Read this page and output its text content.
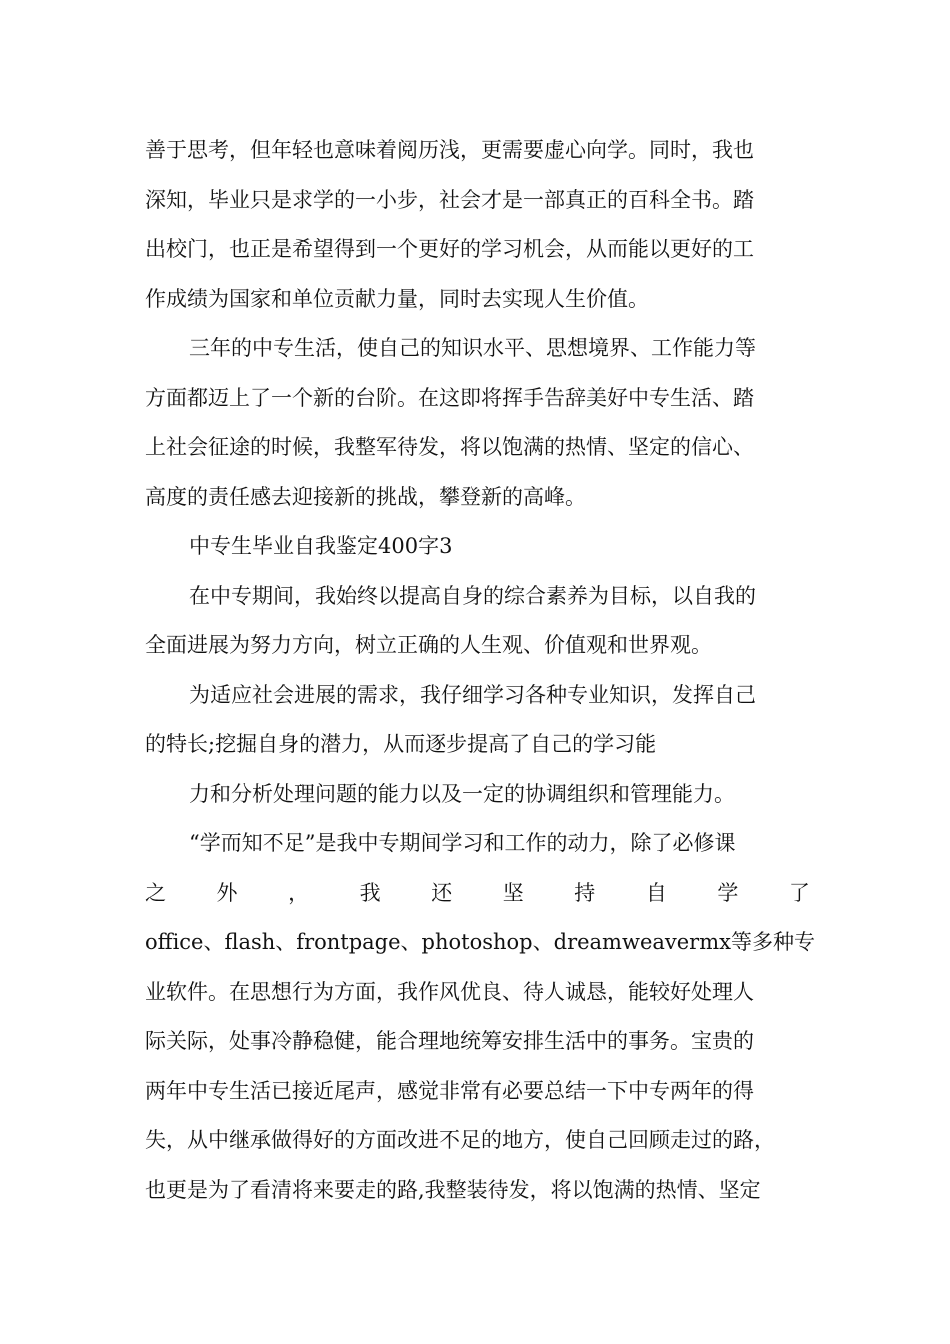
善于思考，但年轻也意味着阅历浅，更需要虚心向学。同时，我也
深知，毕业只是求学的一小步，社会才是一部真正的百科全书。踏
出校门，也正是希望得到一个更好的学习机会，从而能以更好的工
作成绩为国家和单位贡献力量，同时去实现人生价值。
三年的中专生活，使自己的知识水平、思想境界、工作能力等
方面都迈上了一个新的台阶。在这即将挥手告辞美好中专生活、踏
上社会征途的时候，我整军待发，将以饱满的热情、坚定的信心、
高度的责任感去迎接新的挑战，攀登新的高峰。
中专生毕业自我鉴定400字3
在中专期间，我始终以提高自身的综合素养为目标，以自我的
全面进展为努力方向，树立正确的人生观、价值观和世界观。
为适应社会进展的需求，我仔细学习各种专业知识，发挥自己
的特长;挖掘自身的潜力，从而逐步提高了自己的学习能
力和分析处理问题的能力以及一定的协调组织和管理能力。
“学而知不足”是我中专期间学习和工作的动力，除了必修课
之 外 ， 我 还 坚 持 自 学 了
office、flash、frontpage、photoshop、dreamweavermx等多种专
业软件。在思想行为方面，我作风优良、待人诚恳，能较好处理人
际关际，处事冷静稳健，能合理地统筹安排生活中的事务。宝贵的
两年中专生活已接近尾声，感觉非常有必要总结一下中专两年的得
失，从中继承做得好的方面改进不足的地方，使自己回顾走过的路，
也更是为了看清将来要走的路,我整装待发，将以饱满的热情、坚定
